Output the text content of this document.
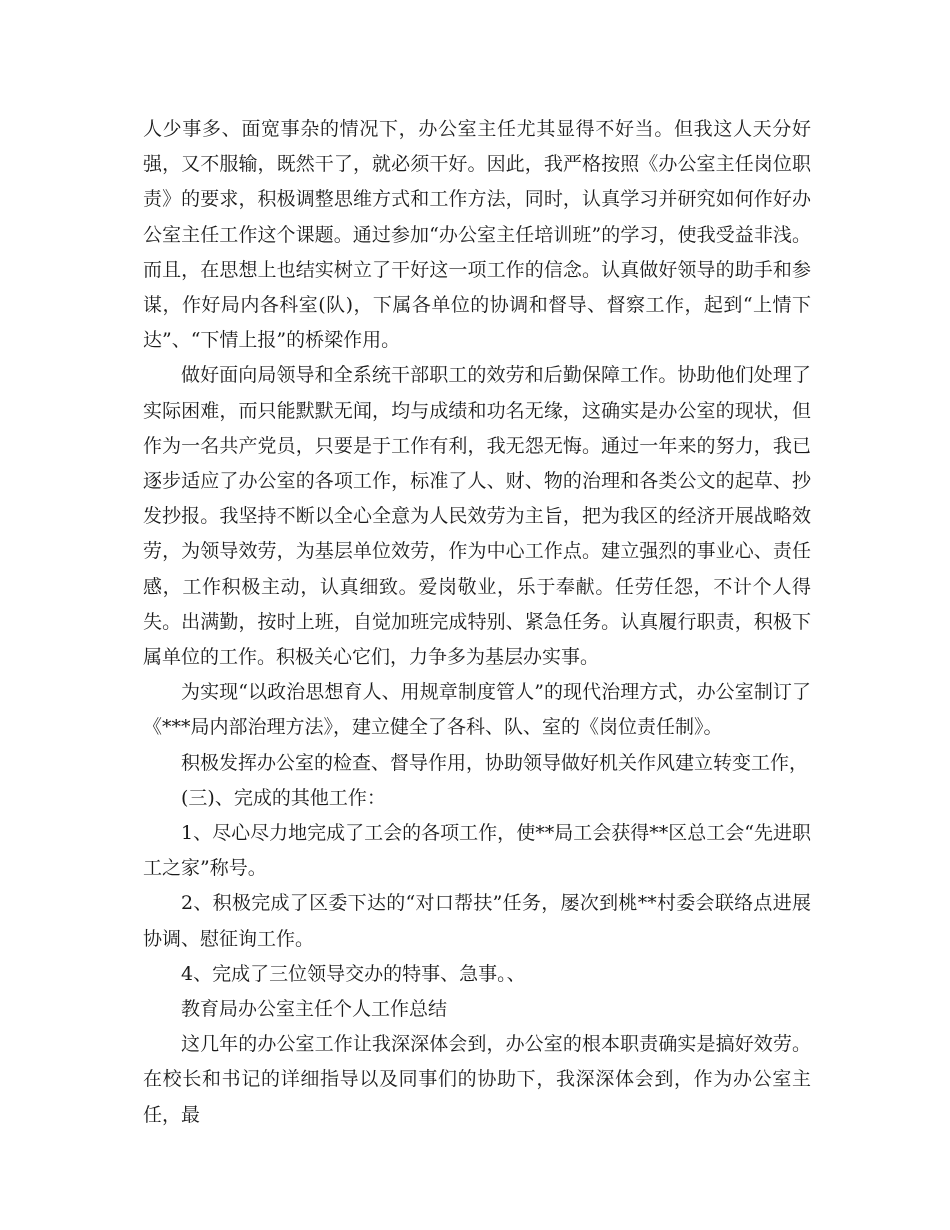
人少事多、面宽事杂的情况下，办公室主任尤其显得不好当。但我这人天分好强，又不服输，既然干了，就必须干好。因此，我严格按照《办公室主任岗位职责》的要求，积极调整思维方式和工作方法，同时，认真学习并研究如何作好办公室主任工作这个课题。通过参加“办公室主任培训班”的学习，使我受益非浅。而且，在思想上也结实树立了干好这一项工作的信念。认真做好领导的助手和参谋，作好局内各科室(队)，下属各单位的协调和督导、督察工作，起到“上情下达”、“下情上报”的桥梁作用。

做好面向局领导和全系统干部职工的效劳和后勤保障工作。协助他们处理了实际困难，而只能默默无闻，均与成绩和功名无缘，这确实是办公室的现状，但作为一名共产党员，只要是于工作有利，我无怨无悔。通过一年来的努力，我已逐步适应了办公室的各项工作，标准了人、财、物的治理和各类公文的起草、抄发抄报。我坚持不断以全心全意为人民效劳为主旨，把为我区的经济开展战略效劳，为领导效劳，为基层单位效劳，作为中心工作点。建立强烈的事业心、责任感，工作积极主动，认真细致。爱岗敬业，乐于奉献。任劳任怨，不计个人得失。出满勤，按时上班，自觉加班完成特别、紧急任务。认真履行职责，积极下属单位的工作。积极关心它们，力争多为基层办实事。

为实现“以政治思想育人、用规章制度管人”的现代治理方式，办公室制订了《***局内部治理方法》，建立健全了各科、队、室的《岗位责任制》。

积极发挥办公室的检查、督导作用，协助领导做好机关作风建立转变工作，

(三)、完成的其他工作：

1、尽心尽力地完成了工会的各项工作，使**局工会获得**区总工会“先进职工之家”称号。

2、积极完成了区委下达的“对口帮扶”任务，屡次到桃**村委会联络点进展协调、慰征询工作。

4、完成了三位领导交办的特事、急事。、

教育局办公室主任个人工作总结

这几年的办公室工作让我深深体会到，办公室的根本职责确实是搞好效劳。在校长和书记的详细指导以及同事们的协助下，我深深体会到，作为办公室主任，最
